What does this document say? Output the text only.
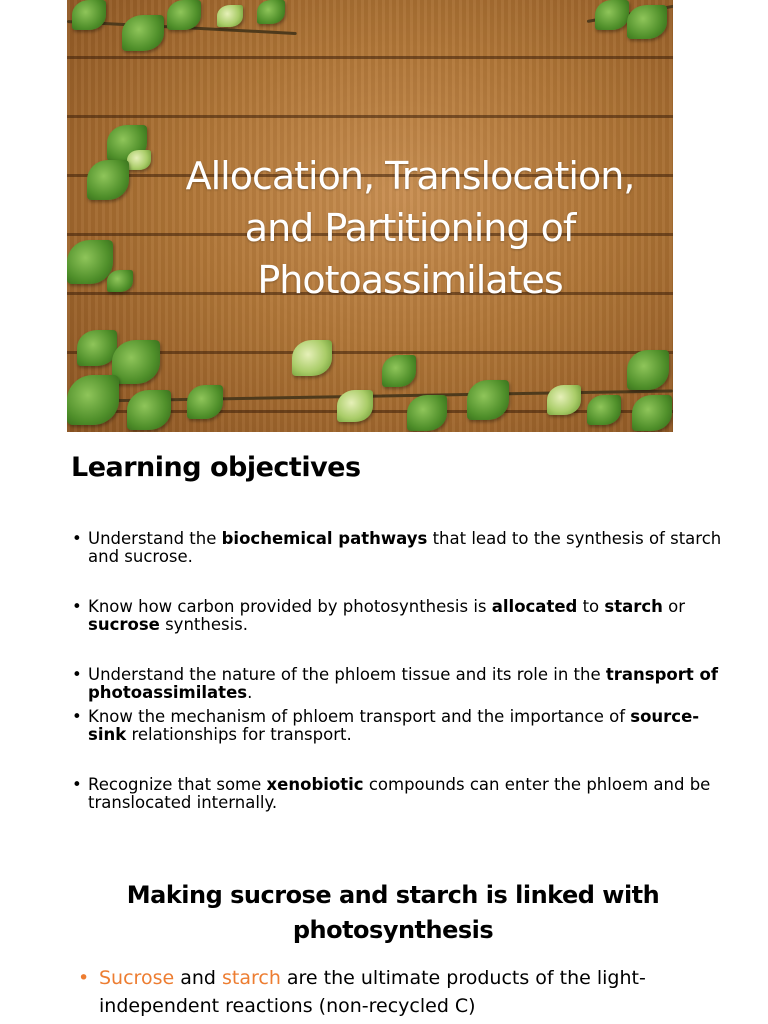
Allocation, Translocation,
and Partitioning of
Photoassimilates
Learning objectives
• Understand the biochemical pathways that lead to the synthesis of starch and sucrose.
• Know how carbon provided by photosynthesis is allocated to starch or sucrose synthesis.
• Understand the nature of the phloem tissue and its role in the transport of photoassimilates.
• Know the mechanism of phloem transport and the importance of source-sink relationships for transport.
• Recognize that some xenobiotic compounds can enter the phloem and be translocated internally.
Making sucrose and starch is linked with photosynthesis
• Sucrose and starch are the ultimate products of the light-independent reactions (non-recycled C)
